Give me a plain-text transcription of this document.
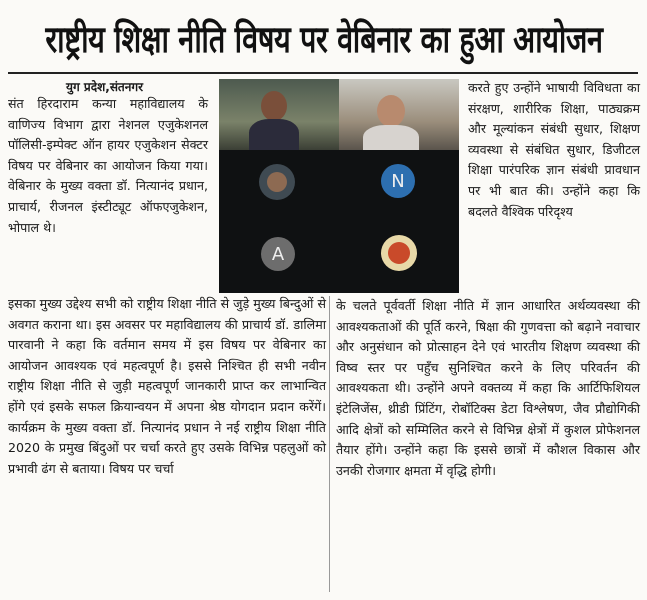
राष्ट्रीय शिक्षा नीति विषय पर वेबिनार का हुआ आयोजन
युग प्रदेश,संतनगर

संत हिरदाराम कन्या महाविद्यालय के वाणिज्य विभाग द्वारा नेशनल एजुकेशनल पॉलिसी-इम्पेक्ट ऑन हायर एजुकेशन सेक्टर विषय पर वेबिनार का आयोजन किया गया। वेबिनार के मुख्य वक्ता डॉ. नित्यानंद प्रधान, प्राचार्य, रीजनल इंस्टीट्यूट ऑफएजुकेशन, भोपाल थे।

N
A

करते हुए उन्होंने भाषायी विविधता का संरक्षण, शारीरिक शिक्षा, पाठ्यक्रम और मूल्यांकन संबंधी सुधार, शिक्षण व्यवस्था से संबंधित सुधार, डिजीटल शिक्षा पारंपरिक ज्ञान संबंधी प्रावधान पर भी बात की। उन्होंने कहा कि बदलते वैश्विक परिदृश्य

इसका मुख्य उद्देश्य सभी को राष्ट्रीय शिक्षा नीति से जुड़े मुख्य बिन्दुओं से अवगत कराना था। इस अवसर पर महाविद्यालय की प्राचार्य डॉ. डालिमा पारवानी ने कहा कि वर्तमान समय में इस विषय पर वेबिनार का आयोजन आवश्यक एवं महत्वपूर्ण है। इससे निश्चित ही सभी नवीन राष्ट्रीय शिक्षा नीति से जुड़ी महत्वपूर्ण जानकारी प्राप्त कर लाभान्वित होंगे एवं इसके सफल क्रियान्वयन में अपना श्रेष्ठ योगदान प्रदान करेंगें। कार्यक्रम के मुख्य वक्ता डॉ. नित्यानंद प्रधान ने नई राष्ट्रीय शिक्षा नीति 2020 के प्रमुख बिंदुओं पर चर्चा करते हुए उसके विभिन्न पहलुओं को प्रभावी ढंग से बताया। विषय पर चर्चा

के चलते पूर्ववर्ती शिक्षा नीति में ज्ञान आधारित अर्थव्यवस्था की आवश्यकताओं की पूर्ति करने, षिक्षा की गुणवत्ता को बढ़ाने नवाचार और अनुसंधान को प्रोत्साहन देने एवं भारतीय शिक्षण व्यवस्था की विष्व स्तर पर पहुँच सुनिश्चित करने के लिए परिवर्तन की आवश्यकता थी। उन्होंने अपने वक्तव्य में कहा कि आर्टिफिशियल इंटेलिजेंस, थ्रीडी प्रिंटिंग, रोबॉटिक्स डेटा विश्लेषण, जैव प्रौद्योगिकी आदि क्षेत्रों को सम्मिलित करने से विभिन्न क्षेत्रों में कुशल प्रोफेशनल तैयार होंगे। उन्होंने कहा कि इससे छात्रों में कौशल विकास और उनकी रोजगार क्षमता में वृद्धि होगी।
